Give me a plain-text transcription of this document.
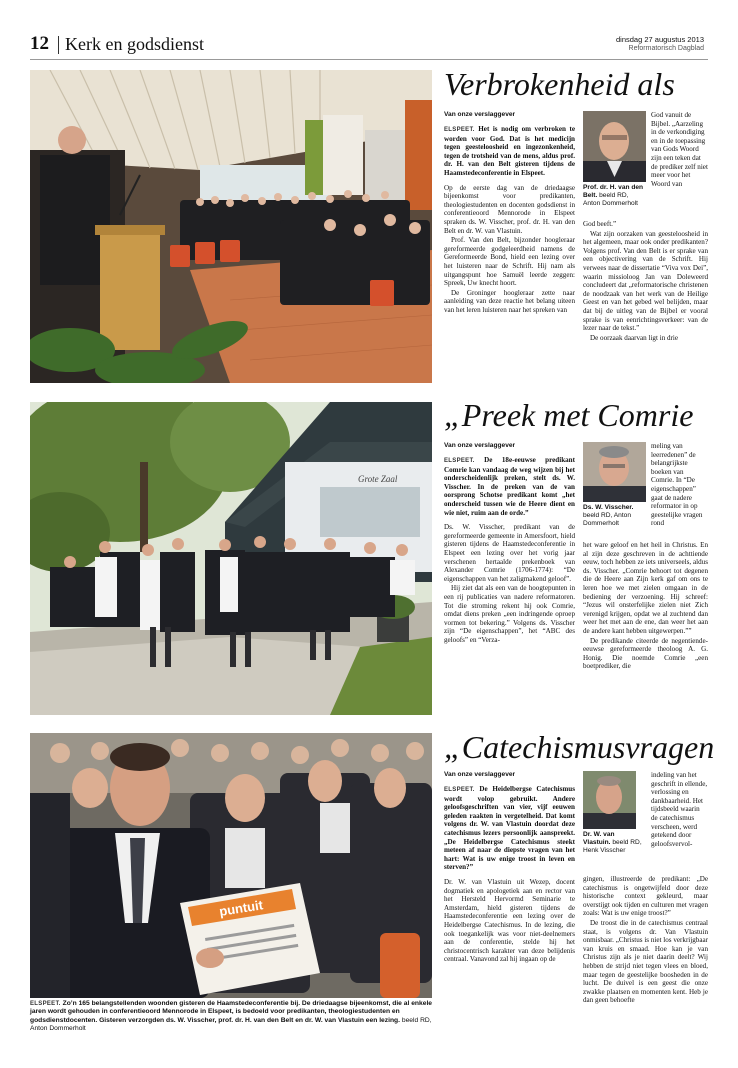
12 Kerk en godsdienst	dinsdag 27 augustus 2013
Reformatorisch Dagblad
Verbrokenheid als
Van onze verslaggever

ELSPEET. Het is nodig om verbroken te worden voor God. Dat is het medicijn tegen geesteloosheid en ingezonkenheid, tegen de trotsheid van de mens, aldus prof. dr. H. van den Belt gisteren tijdens de Haamstedeconferentie in Elspeet.

Op de eerste dag van de driedaagse bijeenkomst voor predikanten, theologiestudenten en docenten godsdienst in conferentieoord Mennorode in Elspeet spraken ds. W. Visscher, prof. dr. H. van den Belt en dr. W. van Vlastuin.

Prof. Van den Belt, bijzonder hoogleraar gereformeerde godgeleerdheid namens de Gereformeerde Bond, hield een lezing over het luisteren naar de Schrift. Hij nam als uitgangspunt hoe Samuël leerde zeggen: Spreek, Uw knecht hoort.

De Groninger hoogleraar zette naar aanleiding van deze reactie het belang uiteen van het leren luisteren naar het spreken van

Prof. dr. H. van den Belt. beeld RD, Anton Dommerholt
God vanuit de Bijbel. „Aarzeling in de verkondiging en in de toepassing van Gods Woord zijn een teken dat de prediker zelf niet meer voor het Woord van

God beeft.”

Wat zijn oorzaken van geesteloosheid in het algemeen, maar ook onder predikanten? Volgens prof. Van den Belt is er sprake van een objectivering van de Schrift. Hij verwees naar de dissertatie “Viva vox Dei”, waarin missioloog Jan van Doleweerd concludeert dat „reformatorische christenen de noodzaak van het werk van de Heilige Geest en van het gebed wel belijden, maar dat bij de uitleg van de Bijbel er vooral sprake is van eenrichtingsverkeer: van de lezer naar de tekst.”

De oorzaak daarvan ligt in drie

Grote Zaal
„Preek met Comrie
Van onze verslaggever

ELSPEET. De 18e-eeuwse predikant Comrie kan vandaag de weg wijzen bij het onderscheidenlijk preken, stelt ds. W. Visscher. In de preken van de van oorsprong Schotse predikant komt „het onderscheid tussen wie de Heere dient en wie niet, ruim aan de orde.”

Ds. W. Visscher, predikant van de gereformeerde gemeente in Amersfoort, hield gisteren tijdens de Haamstedeconferentie in Elspeet een lezing over het vorig jaar verschenen hertaalde prekenboek van Alexander Comrie (1706-1774): “De eigenschappen van het zaligmakend geloof”.

Hij ziet dat als een van de hoogtepunten in een rij publicaties van nadere reformatoren. Tot die stroming rekent hij ook Comrie, omdat diens preken „een indringende oproep vormen tot bekering.” Volgens ds. Visscher zijn “De eigenschappen”, het “ABC des geloofs” en “Verza-

Ds. W. Visscher. beeld RD, Anton Dommerholt
meling van leerredenen” de belangrijkste boeken van Comrie. In “De eigenschappen” gaat de nadere reformator in op geestelijke vragen rond

het ware geloof en het heil in Christus. En al zijn deze geschreven in de achttiende eeuw, toch hebben ze iets universeels, aldus ds. Visscher. „Comrie behoort tot degenen die de Heere aan Zijn kerk gaf om ons te leren hoe we met zielen omgaan in de bediening der verzoening. Hij schreef: “Jezus wil onsterfelijke zielen niet Zich verenigd krijgen, opdat we al zuchtend dan weer het met aan de ene, dan weer het aan de andere kant hebben uitgewerpen.””

De predikande citeerde de negentiende-eeuwse gereformeerde theoloog A. G. Honig. Die noemde Comrie „een boetprediker, die

puntuit
ELSPEET. Zo’n 165 belangstellenden woonden gisteren de Haamstedeconferentie bij. De driedaagse bijeenkomst, die al enkele jaren wordt gehouden in conferentieoord Mennorode in Elspeet, is bedoeld voor predikanten, theologiestudenten en godsdienstdocenten. Gisteren verzorgden ds. W. Visscher, prof. dr. H. van den Belt en dr. W. van Vlastuin een lezing. beeld RD, Anton Dommerholt
„Catechismusvragen
Van onze verslaggever

ELSPEET. De Heidelbergse Catechismus wordt volop gebruikt. Andere geloofsgeschriften van vier, vijf eeuwen geleden raakten in vergetelheid. Dat komt volgens dr. W. van Vlastuin doordat deze catechismus lezers persoonlijk aanspreekt. „De Heidelbergse Catechismus steekt meteen af naar de diepste vragen van het hart: Wat is uw enige troost in leven en sterven?”

Dr. W. van Vlastuin uit Wezep, docent dogmatiek en apologetiek aan en rector van het Hersteld Hervormd Seminarie te Amsterdam, hield gisteren tijdens de Haamstedeconferentie een lezing over de Heidelbergse Catechismus. In de lezing, die ook toegankelijk was voor niet-deelnemers aan de conferentie, stelde hij het christocentrisch karakter van deze belijdenis centraal. Vanavond zal hij ingaan op de

Dr. W. van Vlastuin. beeld RD, Henk Visscher
indeling van het geschrift in ellende, verlossing en dankbaarheid. Het tijdsbeeld waarin de catechismus verscheen, werd getekend door geloofsvervol-

gingen, illustreerde de predikant: „De catechismus is ongetwijfeld door deze historische context gekleurd, maar overstijgt ook tijden en culturen met vragen zoals: Wat is uw enige troost?”

De troost die in de catechismus centraal staat, is volgens dr. Van Vlastuin onmisbaar. „Christus is niet los verkrijgbaar van kruis en smaad. Hoe kan je van Christus zijn als je niet daarin deelt? Wij hebben de strijd niet tegen vlees en bloed, maar tegen de geestelijke boosheden in de lucht. De duivel is een geest die onze zwakke plaatsen en momenten kent. Heb je dan geen behoefte
